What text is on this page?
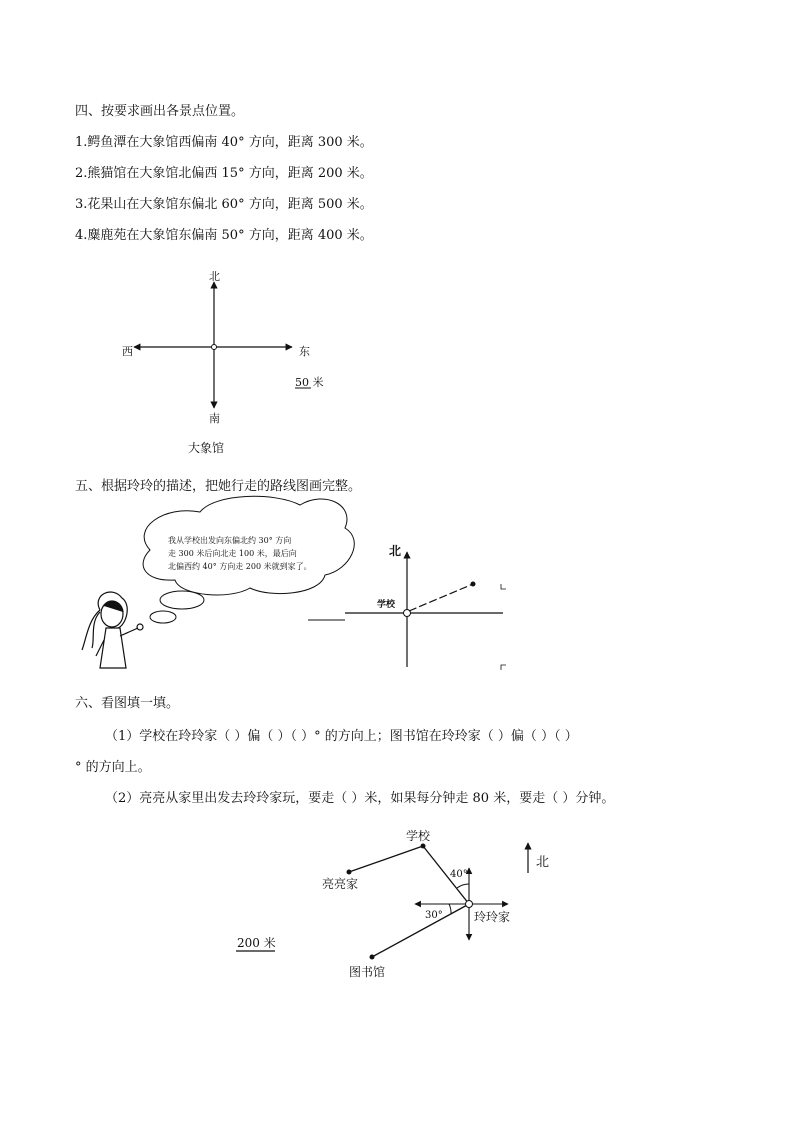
四、按要求画出各景点位置。
1.鳄鱼潭在大象馆西偏南 40° 方向，距离 300 米。
2.熊猫馆在大象馆北偏西 15° 方向，距离 200 米。
3.花果山在大象馆东偏北 60° 方向，距离 500 米。
4.麋鹿苑在大象馆东偏南 50° 方向，距离 400 米。
北
西	东
南
50 米
大象馆
五、根据玲玲的描述，把她行走的路线图画完整。
我从学校出发向东偏北约 30° 方向
走 300 米后向北走 100 米，最后向
北偏西约 40° 方向走 200 米就到家了。
北
学校
六、看图填一填。
（1）学校在玲玲家（ ）偏（ ）（ ）° 的方向上；图书馆在玲玲家（ ）偏（ ）（ ）
° 的方向上。
（2）亮亮从家里出发去玲玲家玩，要走（ ）米，如果每分钟走 80 米，要走（ ）分钟。
学校
亮亮家
玲玲家
图书馆
40°
30°
北
200 米
